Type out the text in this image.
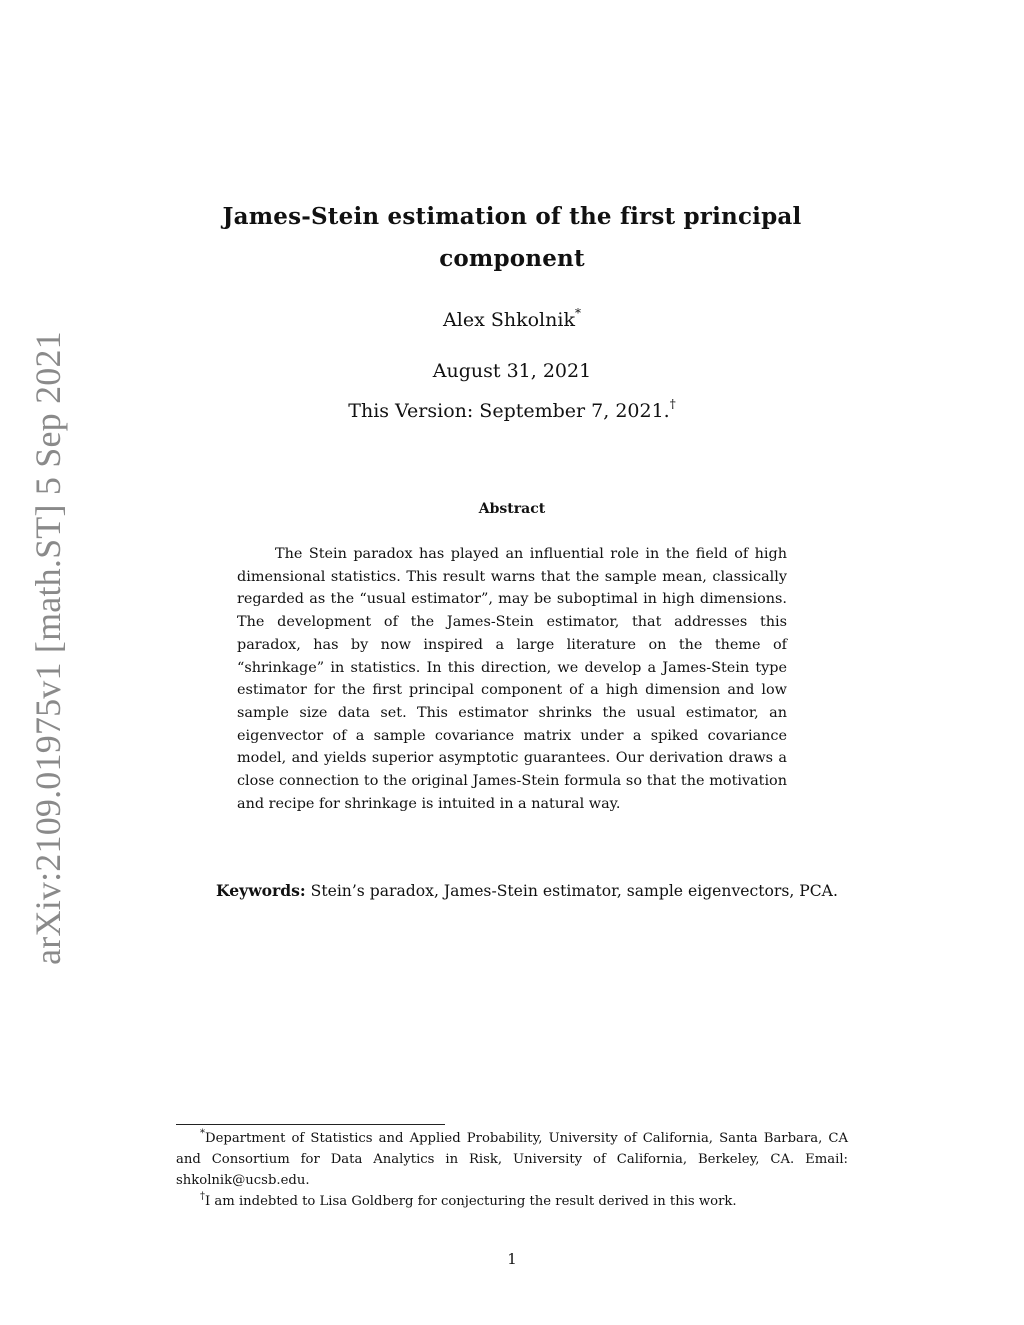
arXiv:2109.01975v1 [math.ST] 5 Sep 2021
James-Stein estimation of the first principal component
Alex Shkolnik*
August 31, 2021
This Version: September 7, 2021.†
Abstract
The Stein paradox has played an influential role in the field of high dimensional statistics. This result warns that the sample mean, classically regarded as the “usual estimator”, may be suboptimal in high dimensions. The development of the James-Stein estimator, that addresses this paradox, has by now inspired a large literature on the theme of “shrinkage” in statistics. In this direction, we develop a James-Stein type estimator for the first principal component of a high dimension and low sample size data set. This estimator shrinks the usual estimator, an eigenvector of a sample covariance matrix under a spiked covariance model, and yields superior asymptotic guarantees. Our derivation draws a close connection to the original James-Stein formula so that the motivation and recipe for shrinkage is intuited in a natural way.
Keywords: Stein’s paradox, James-Stein estimator, sample eigenvectors, PCA.

*Department of Statistics and Applied Probability, University of California, Santa Barbara, CA and Consortium for Data Analytics in Risk, University of California, Berkeley, CA. Email: shkolnik@ucsb.edu.

†I am indebted to Lisa Goldberg for conjecturing the result derived in this work.

1
